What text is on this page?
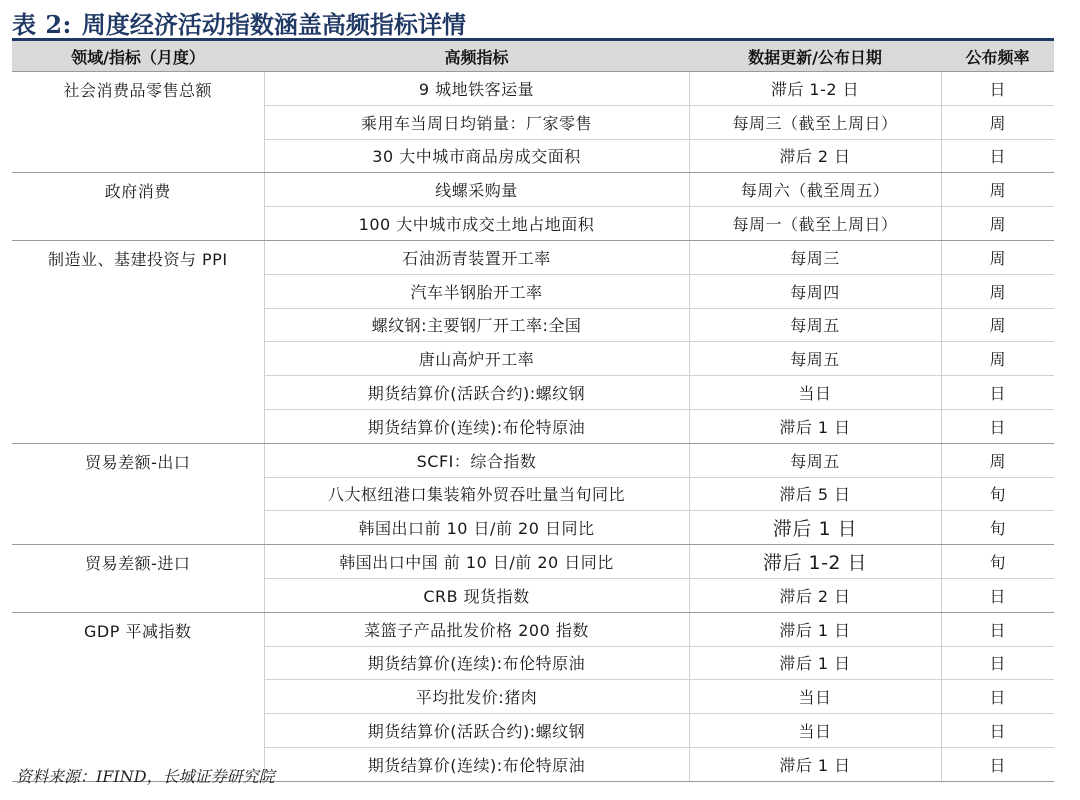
表 2: 周度经济活动指数涵盖高频指标详情
领域/指标（月度）	高频指标	数据更新/公布日期	公布频率
社会消费品零售总额	9 城地铁客运量	滞后 1-2 日	日
	乘用车当周日均销量：厂家零售	每周三（截至上周日）	周
	30 大中城市商品房成交面积	滞后 2 日	日
政府消费	线螺采购量	每周六（截至周五）	周
	100 大中城市成交土地占地面积	每周一（截至上周日）	周
制造业、基建投资与 PPI	石油沥青装置开工率	每周三	周
	汽车半钢胎开工率	每周四	周
	螺纹钢:主要钢厂开工率:全国	每周五	周
	唐山高炉开工率	每周五	周
	期货结算价(活跃合约):螺纹钢	当日	日
	期货结算价(连续):布伦特原油	滞后 1 日	日
贸易差额-出口	SCFI：综合指数	每周五	周
	八大枢纽港口集装箱外贸吞吐量当旬同比	滞后 5 日	旬
	韩国出口前 10 日/前 20 日同比	滞后 1 日	旬
贸易差额-进口	韩国出口中国 前 10 日/前 20 日同比	滞后 1-2 日	旬
	CRB 现货指数	滞后 2 日	日
GDP 平减指数	菜篮子产品批发价格 200 指数	滞后 1 日	日
	期货结算价(连续):布伦特原油	滞后 1 日	日
	平均批发价:猪肉	当日	日
	期货结算价(活跃合约):螺纹钢	当日	日
	期货结算价(连续):布伦特原油	滞后 1 日	日
资料来源：IFIND，长城证券研究院
